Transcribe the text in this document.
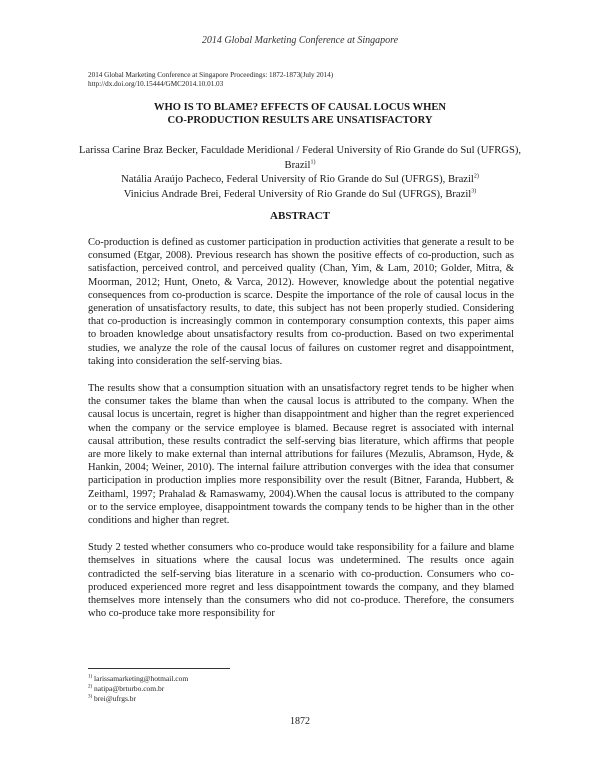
2014 Global Marketing Conference at Singapore
2014 Global Marketing Conference at Singapore Proceedings: 1872-1873(July 2014)
http://dx.doi.org/10.15444/GMC2014.10.01.03
WHO IS TO BLAME? EFFECTS OF CAUSAL LOCUS WHEN
CO-PRODUCTION RESULTS ARE UNSATISFACTORY
Larissa Carine Braz Becker, Faculdade Meridional / Federal University of Rio Grande do Sul (UFRGS), Brazil$^{1)}$
Natália Araújo Pacheco, Federal University of Rio Grande do Sul (UFRGS), Brazil$^{2)}$
Vinicius Andrade Brei, Federal University of Rio Grande do Sul (UFRGS), Brazil$^{3)}$
ABSTRACT

Co-production is defined as customer participation in production activities that generate a result to be consumed (Etgar, 2008). Previous research has shown the positive effects of co-production, such as satisfaction, perceived control, and perceived quality (Chan, Yim, & Lam, 2010; Golder, Mitra, & Moorman, 2012; Hunt, Oneto, & Varca, 2012). However, knowledge about the potential negative consequences from co-production is scarce. Despite the importance of the role of causal locus in the generation of unsatisfactory results, to date, this subject has not been properly studied. Considering that co-production is increasingly common in contemporary consumption contexts, this paper aims to broaden knowledge about unsatisfactory results from co-production. Based on two experimental studies, we analyze the role of the causal locus of failures on customer regret and disappointment, taking into consideration the self-serving bias.

The results show that a consumption situation with an unsatisfactory regret tends to be higher when the consumer takes the blame than when the causal locus is attributed to the company. When the causal locus is uncertain, regret is higher than disappointment and higher than the regret experienced when the company or the service employee is blamed. Because regret is associated with internal causal attribution, these results contradict the self-serving bias literature, which affirms that people are more likely to make external than internal attributions for failures (Mezulis, Abramson, Hyde, & Hankin, 2004; Weiner, 2010). The internal failure attribution converges with the idea that consumer participation in production implies more responsibility over the result (Bitner, Faranda, Hubbert, & Zeithaml, 1997; Prahalad & Ramaswamy, 2004).When the causal locus is attributed to the company or to the service employee, disappointment towards the company tends to be higher than in the other conditions and higher than regret.

Study 2 tested whether consumers who co-produce would take responsibility for a failure and blame themselves in situations where the causal locus was undetermined. The results once again contradicted the self-serving bias literature in a scenario with co-production. Consumers who co-produced experienced more regret and less disappointment towards the company, and they blamed themselves more intensely than the consumers who did not co-produce. Therefore, the consumers who co-produce take more responsibility for

$^{1)}$ larissamarketing@hotmail.com
$^{2)}$ natipa@brturbo.com.br
$^{3)}$ brei@ufrgs.br
1872
